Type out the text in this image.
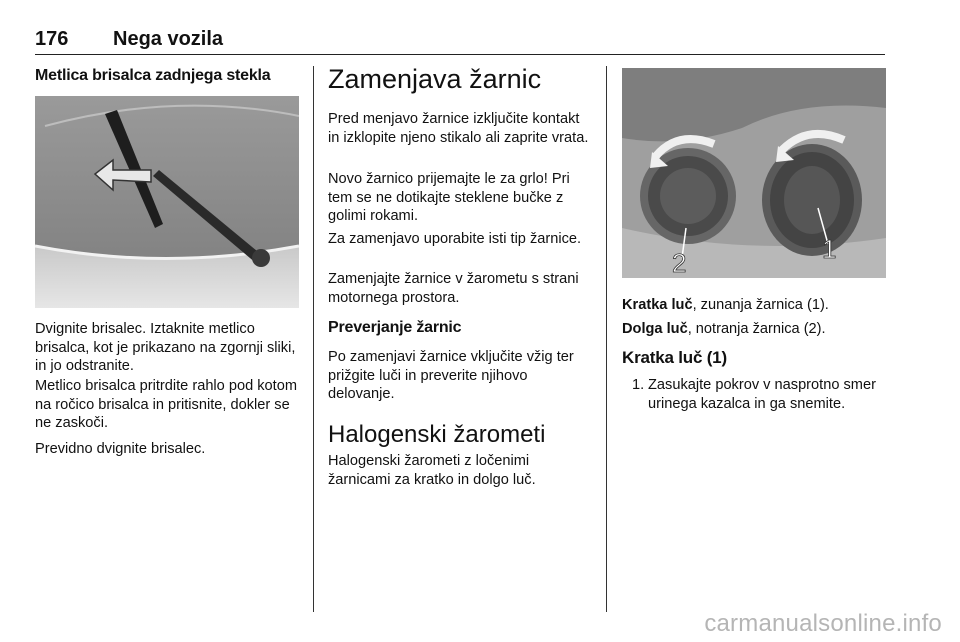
176 Nega vozila
Metlica brisalca zadnjega stekla

Dvignite brisalec. Iztaknite metlico brisalca, kot je prikazano na zgornji sliki, in jo odstranite.

Metlico brisalca pritrdite rahlo pod kotom na ročico brisalca in pritisnite, dokler se ne zaskoči.

Previdno dvignite brisalec.

Zamenjava žarnic

Pred menjavo žarnice izključite kontakt in izklopite njeno stikalo ali zaprite vrata.

Novo žarnico prijemajte le za grlo! Pri tem se ne dotikajte steklene bučke z golimi rokami.

Za zamenjavo uporabite isti tip žarnice.

Zamenjajte žarnice v žarometu s strani motornega prostora.

Preverjanje žarnic

Po zamenjavi žarnice vključite vžig ter prižgite luči in preverite njihovo delovanje.

Halogenski žarometi

Halogenski žarometi z ločenimi žarnicami za kratko in dolgo luč.

2	1

Kratka luč, zunanja žarnica (1).

Dolga luč, notranja žarnica (2).

Kratka luč (1)
1. Zasukajte pokrov v nasprotno smer urinega kazalca in ga snemite.
carmanualsonline.info
